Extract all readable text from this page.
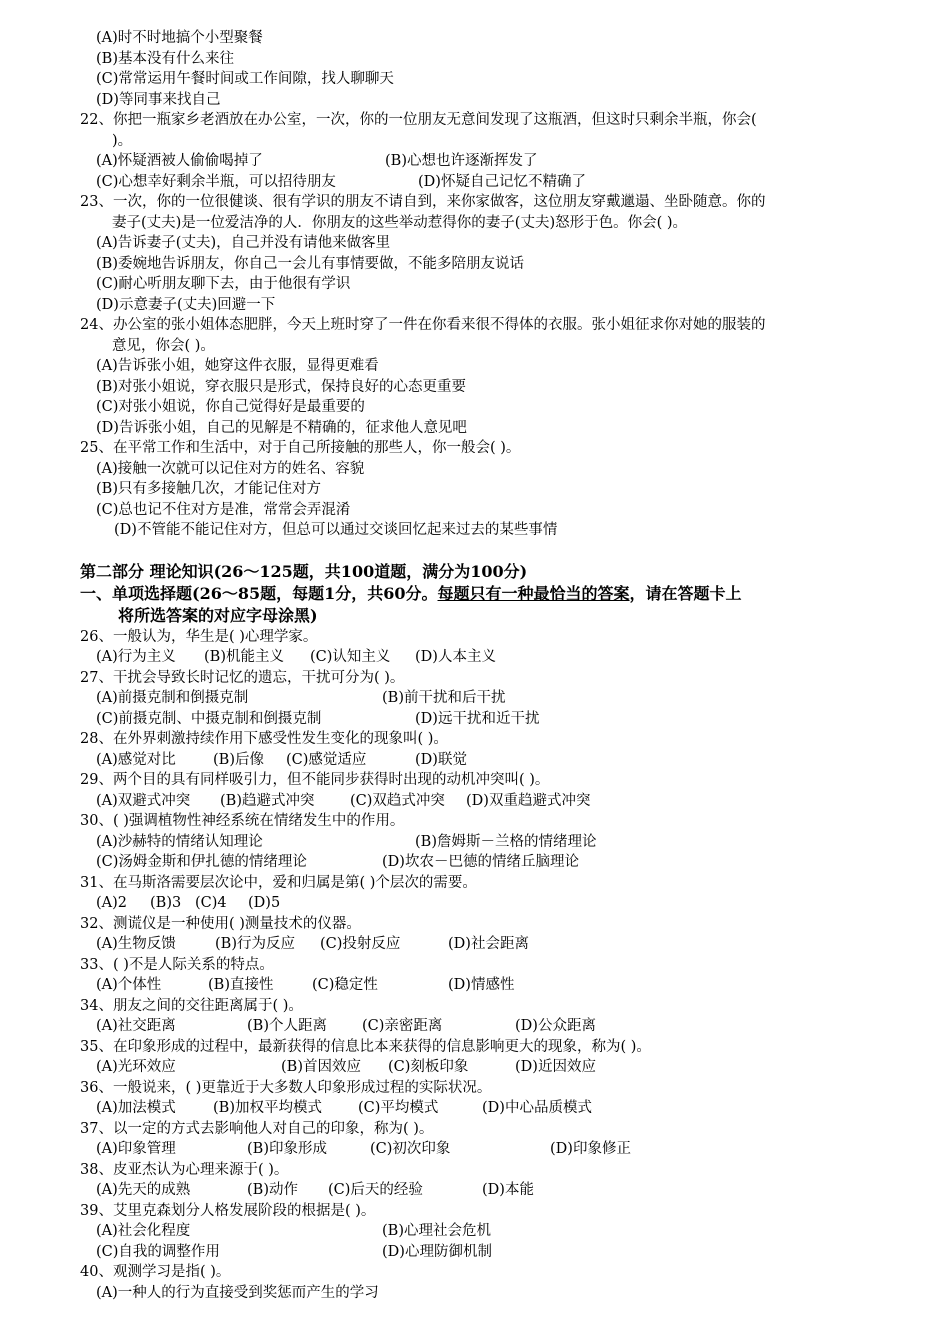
(A)时不时地搞个小型聚餐
(B)基本没有什么来往
(C)常常运用午餐时间或工作间隙，找人聊聊天
(D)等同事来找自己
22、你把一瓶家乡老酒放在办公室，一次，你的一位朋友无意间发现了这瓶酒，但这时只剩余半瓶，你会(
)。
(A)怀疑酒被人偷偷喝掉了	(B)心想也许逐渐挥发了
(C)心想幸好剩余半瓶，可以招待朋友	(D)怀疑自己记忆不精确了
23、一次，你的一位很健谈、很有学识的朋友不请自到，来你家做客，这位朋友穿戴邋遢、坐卧随意。你的
妻子(丈夫)是一位爱洁净的人．你朋友的这些举动惹得你的妻子(丈夫)怒形于色。你会( )。
(A)告诉妻子(丈夫)，自己并没有请他来做客里
(B)委婉地告诉朋友，你自己一会儿有事情要做，不能多陪朋友说话
(C)耐心听朋友聊下去，由于他很有学识
(D)示意妻子(丈夫)回避一下
24、办公室的张小姐体态肥胖，今天上班时穿了一件在你看来很不得体的衣服。张小姐征求你对她的服装的
意见，你会( )。
(A)告诉张小姐，她穿这件衣服，显得更难看
(B)对张小姐说，穿衣服只是形式，保持良好的心态更重要
(C)对张小姐说，你自己觉得好是最重要的
(D)告诉张小姐，自己的见解是不精确的，征求他人意见吧
25、在平常工作和生活中，对于自己所接触的那些人，你一般会( )。
(A)接触一次就可以记住对方的姓名、容貌
(B)只有多接触几次，才能记住对方
(C)总也记不住对方是准，常常会弄混淆
(D)不管能不能记住对方，但总可以通过交谈回忆起来过去的某些事情
第二部分 理论知识(26～125题，共100道题，满分为100分)
一、单项选择题(26～85题，每题1分，共60分。每题只有一种最恰当的答案，请在答题卡上
将所选答案的对应字母涂黑)
26、一般认为，华生是( )心理学家。
(A)行为主义 (B)机能主义 (C)认知主义 (D)人本主义
27、干扰会导致长时记忆的遗忘，干扰可分为( )。
(A)前摄克制和倒摄克制	(B)前干扰和后干扰
(C)前摄克制、中摄克制和倒摄克制	(D)远干扰和近干扰
28、在外界刺激持续作用下感受性发生变化的现象叫( )。
(A)感觉对比	(B)后像 (C)感觉适应	(D)联觉
29、两个目的具有同样吸引力，但不能同步获得时出现的动机冲突叫( )。
(A)双避式冲突 (B)趋避式冲突 (C)双趋式冲突 (D)双重趋避式冲突
30、( )强调植物性神经系统在情绪发生中的作用。
(A)沙赫特的情绪认知理论	(B)詹姆斯－兰格的情绪理论
(C)汤姆金斯和伊扎德的情绪理论	(D)坎农－巴德的情绪丘脑理论
31、在马斯洛需要层次论中，爱和归属是第( )个层次的需要。
(A)2 (B)3 (C)4 (D)5
32、测谎仪是一种使用( )测量技术的仪器。
(A)生物反馈	(B)行为反应 (C)投射反应	(D)社会距离
33、( )不是人际关系的特点。
(A)个体性	(B)直接性	(C)稳定性	(D)情感性
34、朋友之间的交往距离属于( )。
(A)社交距离	(B)个人距离 (C)亲密距离	(D)公众距离
35、在印象形成的过程中，最新获得的信息比本来获得的信息影响更大的现象，称为( )。
(A)光环效应	(B)首因效应 (C)刻板印象	(D)近因效应
36、一般说来，( )更靠近于大多数人印象形成过程的实际状况。
(A)加法模式	(B)加权平均模式 (C)平均模式	(D)中心品质模式
37、以一定的方式去影响他人对自己的印象，称为( )。
(A)印象管理	(B)印象形成	(C)初次印象	(D)印象修正
38、皮亚杰认为心理来源于( )。
(A)先天的成熟	(B)动作 (C)后天的经验	(D)本能
39、艾里克森划分人格发展阶段的根据是( )。
(A)社会化程度	(B)心理社会危机
(C)自我的调整作用	(D)心理防御机制
40、观测学习是指( )。
(A)一种人的行为直接受到奖惩而产生的学习
